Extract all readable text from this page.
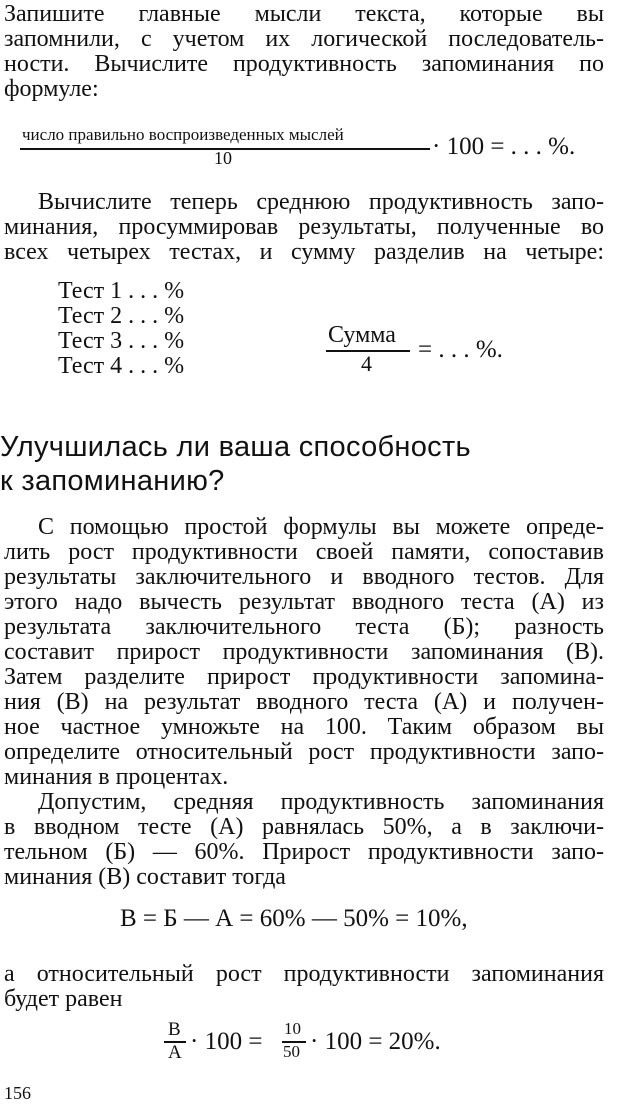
Запишите главные мысли текста, которые вы
запомнили, с учетом их логической последователь-
ности. Вычислите продуктивность запоминания по
формуле:
число правильно воспроизведенных мыслей
10	· 100 = . . . %.
Вычислите теперь среднюю продуктивность запо-
минания, просуммировав результаты, полученные во
всех четырех тестах, и сумму разделив на четыре:
Тест 1 . . . %
Тест 2 . . . %
Тест 3 . . . %
Тест 4 . . . %
Сумма
4
= . . . %.
Улучшилась ли ваша способность
к запоминанию?
С помощью простой формулы вы можете опреде-
лить рост продуктивности своей памяти, сопоставив
результаты заключительного и вводного тестов. Для
этого надо вычесть результат вводного теста (А) из
результата заключительного теста (Б); разность
составит прирост продуктивности запоминания (В).
Затем разделите прирост продуктивности запомина-
ния (В) на результат вводного теста (А) и получен-
ное частное умножьте на 100. Таким образом вы
определите относительный рост продуктивности запо-
минания в процентах.
Допустим, средняя продуктивность запоминания
в вводном тесте (А) равнялась 50%, а в заключи-
тельном (Б) — 60%. Прирост продуктивности запо-
минания (В) составит тогда
В = Б — А = 60% — 50% = 10%,
а относительный рост продуктивности запоминания
будет равен
В
А · 100 = 10
50 · 100 = 20%.
156
